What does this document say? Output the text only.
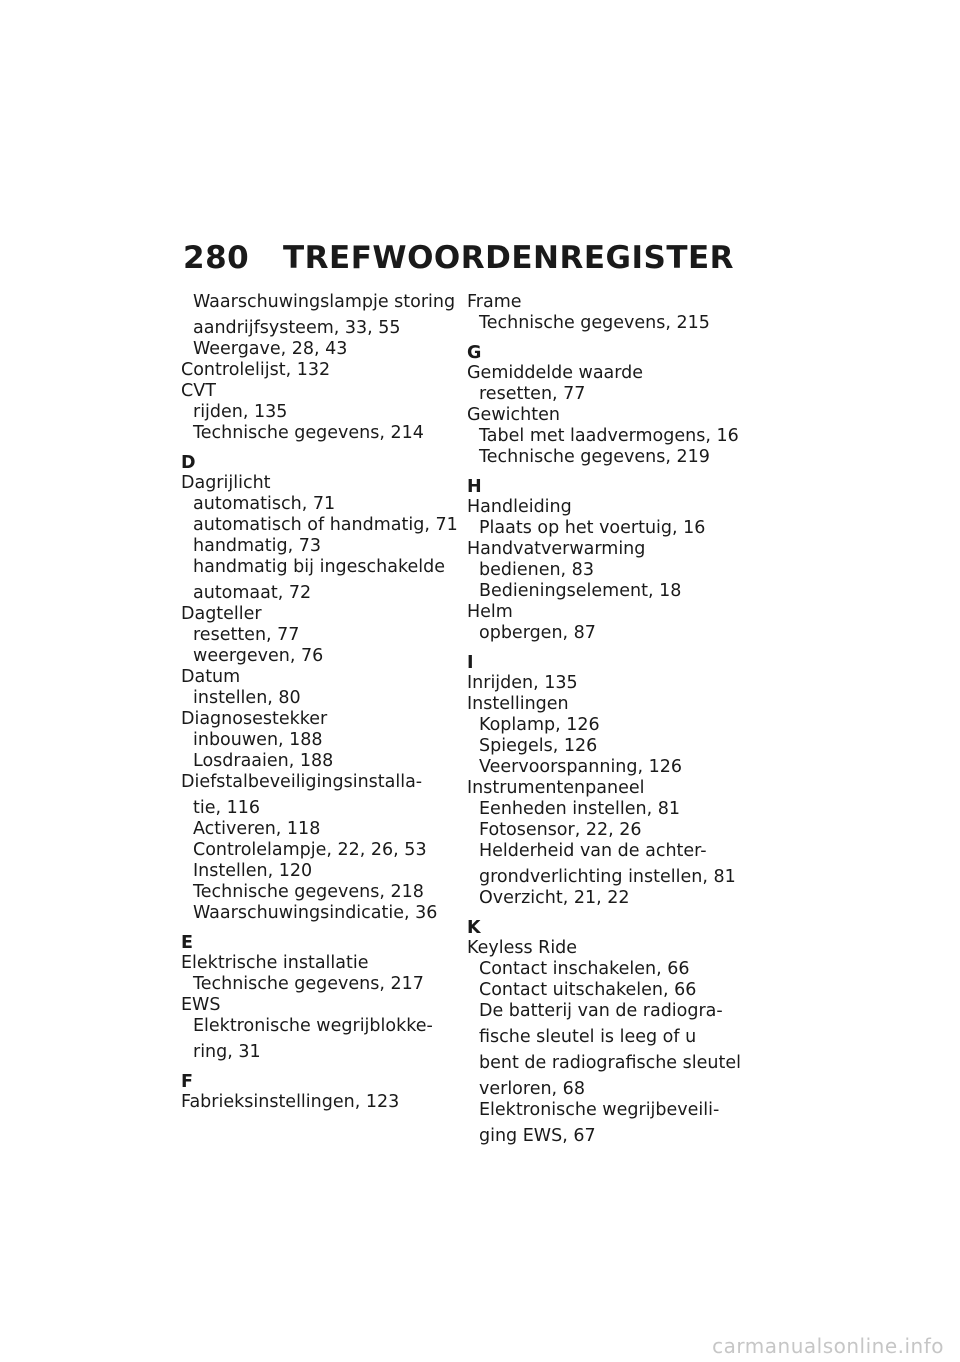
280 TREFWOORDENREGISTER
Waarschuwingslampje storing
aandrijfsysteem, 33, 55
Weergave, 28, 43
Controlelijst, 132
CVT
rijden, 135
Technische gegevens, 214
D
Dagrijlicht
automatisch, 71
automatisch of handmatig, 71
handmatig, 73
handmatig bij ingeschakelde
automaat, 72
Dagteller
resetten, 77
weergeven, 76
Datum
instellen, 80
Diagnosestekker
inbouwen, 188
Losdraaien, 188
Diefstalbeveiligingsinstalla-
tie, 116
Activeren, 118
Controlelampje, 22, 26, 53
Instellen, 120
Technische gegevens, 218
Waarschuwingsindicatie, 36
E
Elektrische installatie
Technische gegevens, 217
EWS
Elektronische wegrijblokke-
ring, 31
F
Fabrieksinstellingen, 123
Frame
Technische gegevens, 215
G
Gemiddelde waarde
resetten, 77
Gewichten
Tabel met laadvermogens, 16
Technische gegevens, 219
H
Handleiding
Plaats op het voertuig, 16
Handvatverwarming
bedienen, 83
Bedieningselement, 18
Helm
opbergen, 87
I
Inrijden, 135
Instellingen
Koplamp, 126
Spiegels, 126
Veervoorspanning, 126
Instrumentenpaneel
Eenheden instellen, 81
Fotosensor, 22, 26
Helderheid van de achter-
grondverlichting instellen, 81
Overzicht, 21, 22
K
Keyless Ride
Contact inschakelen, 66
Contact uitschakelen, 66
De batterij van de radiogra-
fische sleutel is leeg of u
bent de radiografische sleutel
verloren, 68
Elektronische wegrijbeveili-
ging EWS, 67
carmanualsonline.info
